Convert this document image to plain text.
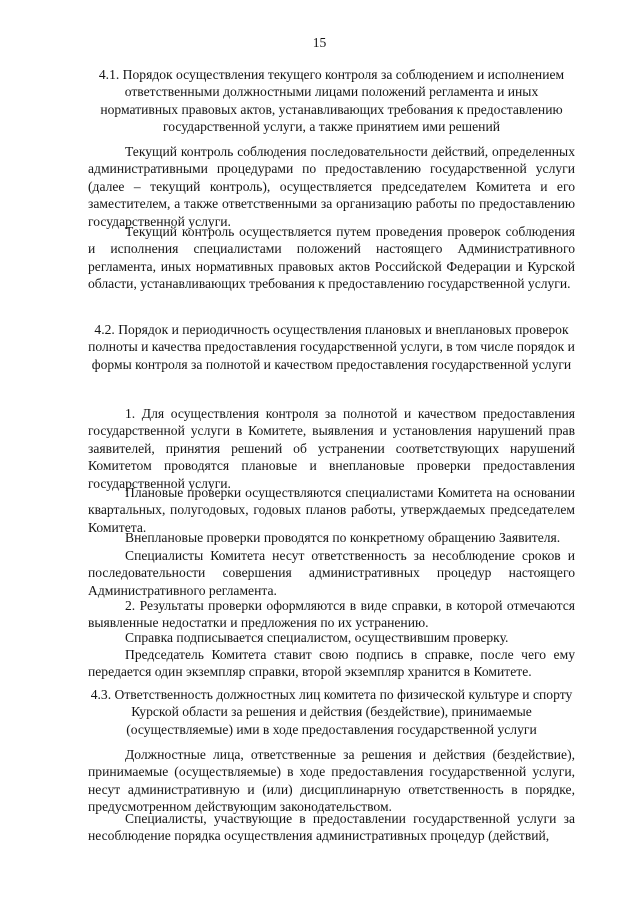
15
4.1. Порядок осуществления текущего контроля за соблюдением и исполнением ответственными должностными лицами положений регламента и иных нормативных правовых актов, устанавливающих требования к предоставлению государственной услуги, а также принятием ими решений
Текущий контроль соблюдения последовательности действий, определенных административными процедурами по предоставлению государственной услуги (далее – текущий контроль), осуществляется председателем Комитета и его заместителем, а также ответственными за организацию работы по предоставлению государственной услуги.
Текущий контроль осуществляется путем проведения проверок соблюдения и исполнения специалистами положений настоящего Административного регламента, иных нормативных правовых актов Российской Федерации и Курской области, устанавливающих требования к предоставлению государственной услуги.
4.2. Порядок и периодичность осуществления плановых и внеплановых проверок полноты и качества предоставления государственной услуги, в том числе порядок и формы контроля за полнотой и качеством предоставления государственной услуги
1. Для осуществления контроля за полнотой и качеством предоставления государственной услуги в Комитете, выявления и установления нарушений прав заявителей, принятия решений об устранении соответствующих нарушений Комитетом проводятся плановые и внеплановые проверки предоставления государственной услуги.
Плановые проверки осуществляются специалистами Комитета на основании квартальных, полугодовых, годовых планов работы, утверждаемых председателем Комитета.
Внеплановые проверки проводятся по конкретному обращению Заявителя.
Специалисты Комитета несут ответственность за несоблюдение сроков и последовательности совершения административных процедур настоящего Административного регламента.
2. Результаты проверки оформляются в виде справки, в которой отмечаются выявленные недостатки и предложения по их устранению.
Справка подписывается специалистом, осуществившим проверку.
Председатель Комитета ставит свою подпись в справке, после чего ему передается один экземпляр справки, второй экземпляр хранится в Комитете.
4.3. Ответственность должностных лиц комитета по физической культуре и спорту Курской области за решения и действия (бездействие), принимаемые (осуществляемые) ими в ходе предоставления государственной услуги
Должностные лица, ответственные за решения и действия (бездействие), принимаемые (осуществляемые) в ходе предоставления государственной услуги, несут административную и (или) дисциплинарную ответственность в порядке, предусмотренном действующим законодательством.
Специалисты, участвующие в предоставлении государственной услуги за несоблюдение порядка осуществления административных процедур (действий,
